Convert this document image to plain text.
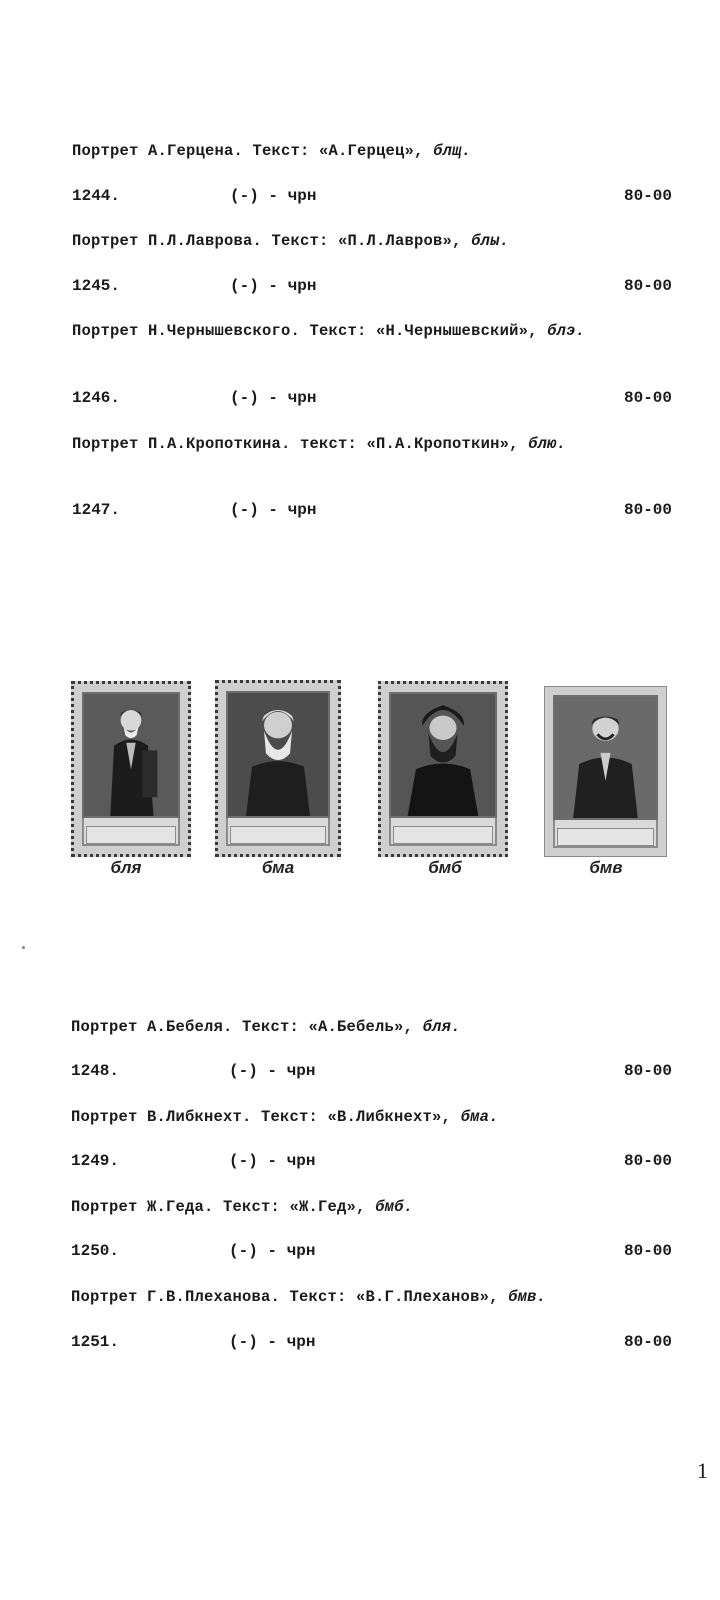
Портрет А.Герцена. Текст: «А.Герцец», блщ.
1244.	(-) - чрн	80-00
Портрет П.Л.Лаврова. Текст: «П.Л.Лавров», блы.
1245.	(-) - чрн	80-00
Портрет Н.Чернышевского. Текст: «Н.Чернышевский», блэ.
1246.	(-) - чрн	80-00
Портрет П.А.Кропоткина. текст: «П.А.Кропоткин», блю.
1247.	(-) - чрн	80-00
бля	бма	бмб	бмв
Портрет А.Бебеля. Текст: «А.Бебель», бля.
1248.	(-) - чрн	80-00
Портрет В.Либкнехт. Текст: «В.Либкнехт», бма.
1249.	(-) - чрн	80-00
Портрет Ж.Геда. Текст: «Ж.Гед», бмб.
1250.	(-) - чрн	80-00
Портрет Г.В.Плеханова. Текст: «В.Г.Плеханов», бмв.
1251.	(-) - чрн	80-00
1
